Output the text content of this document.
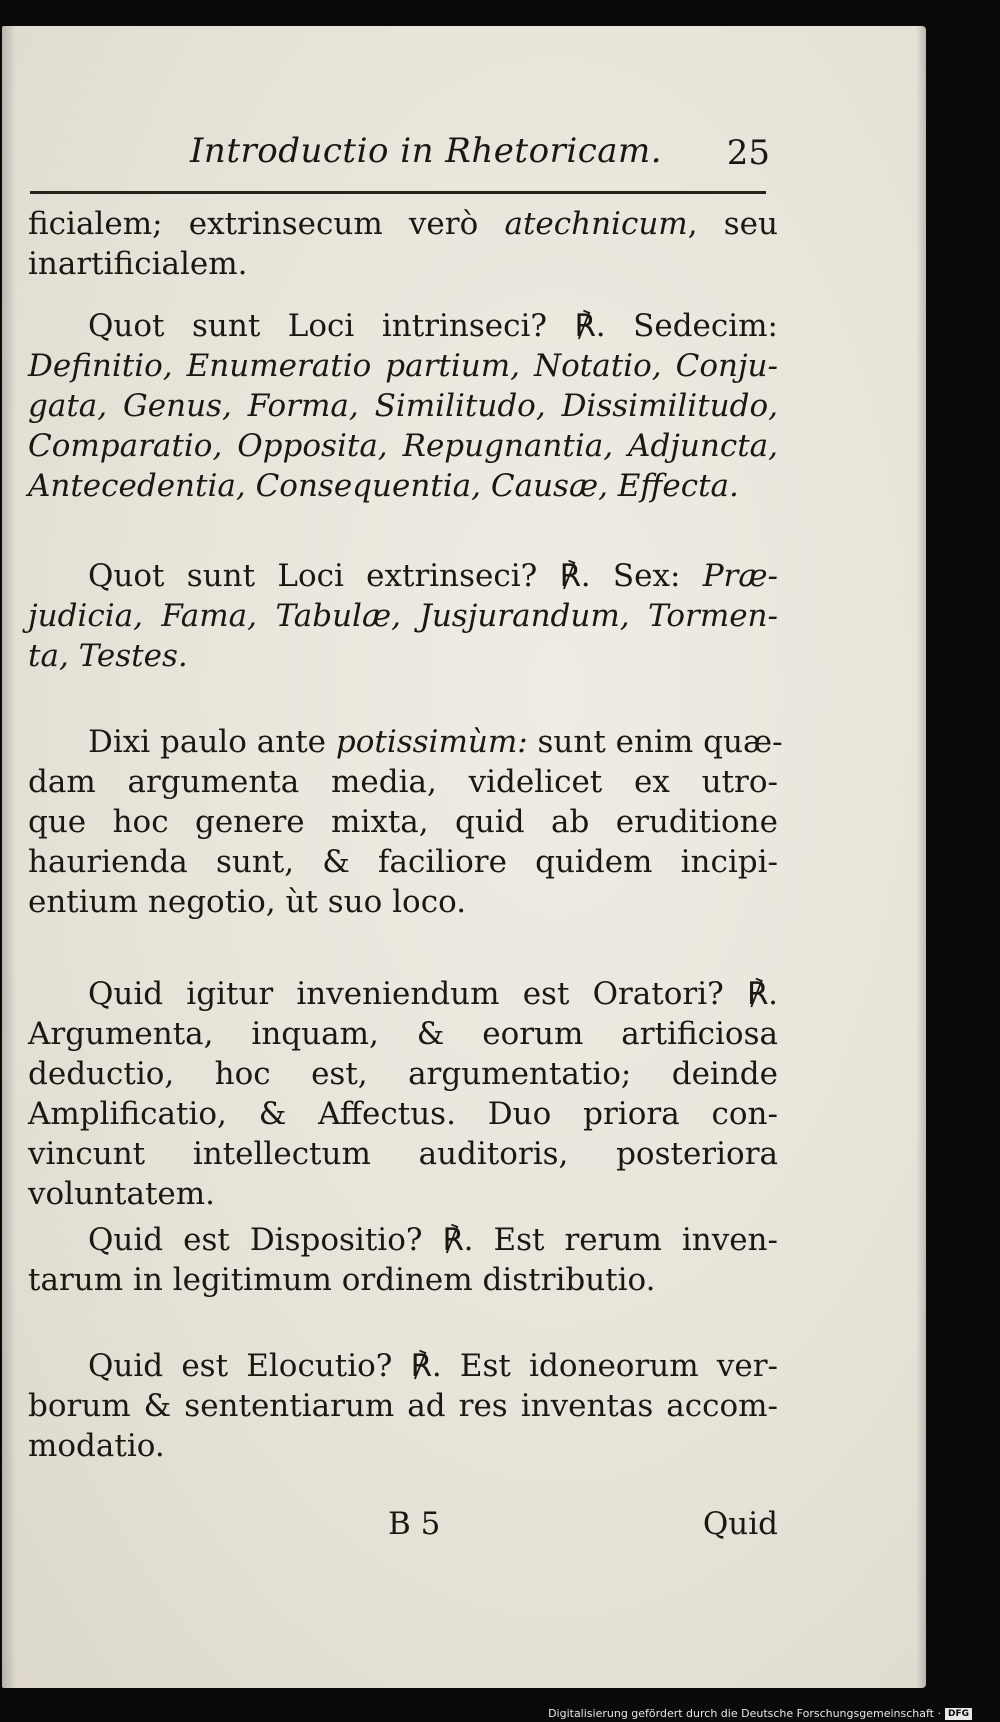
Introductio in Rhetoricam. 25
ficialem; extrinsecum verò atechnicum, seu
inartificialem.
Quot sunt Loci intrinseci? ℟. Sedecim:
Definitio, Enumeratio partium, Notatio, Conju-
gata, Genus, Forma, Similitudo, Dissimilitudo,
Comparatio, Opposita, Repugnantia, Adjuncta,
Antecedentia, Consequentia, Causæ, Effecta.
Quot sunt Loci extrinseci? ℟. Sex: Præ-
judicia, Fama, Tabulæ, Jusjurandum, Tormen-
ta, Testes.
Dixi paulo ante potissimùm: sunt enim quæ-
dam argumenta media, videlicet ex utro-
que hoc genere mixta, quid ab eruditione
haurienda sunt, & faciliore quidem incipi-
entium negotio, ùt suo loco.
Quid igitur inveniendum est Oratori? ℟.
Argumenta, inquam, & eorum artificiosa
deductio, hoc est, argumentatio; deinde
Amplificatio, & Affectus. Duo priora con-
vincunt intellectum auditoris, posteriora
voluntatem.
Quid est Dispositio? ℟. Est rerum inven-
tarum in legitimum ordinem distributio.
Quid est Elocutio? ℟. Est idoneorum ver-
borum & sententiarum ad res inventas accom-
modatio.
B 5	Quid
Digitalisierung gefördert durch die Deutsche Forschungsgemeinschaft · DFG
